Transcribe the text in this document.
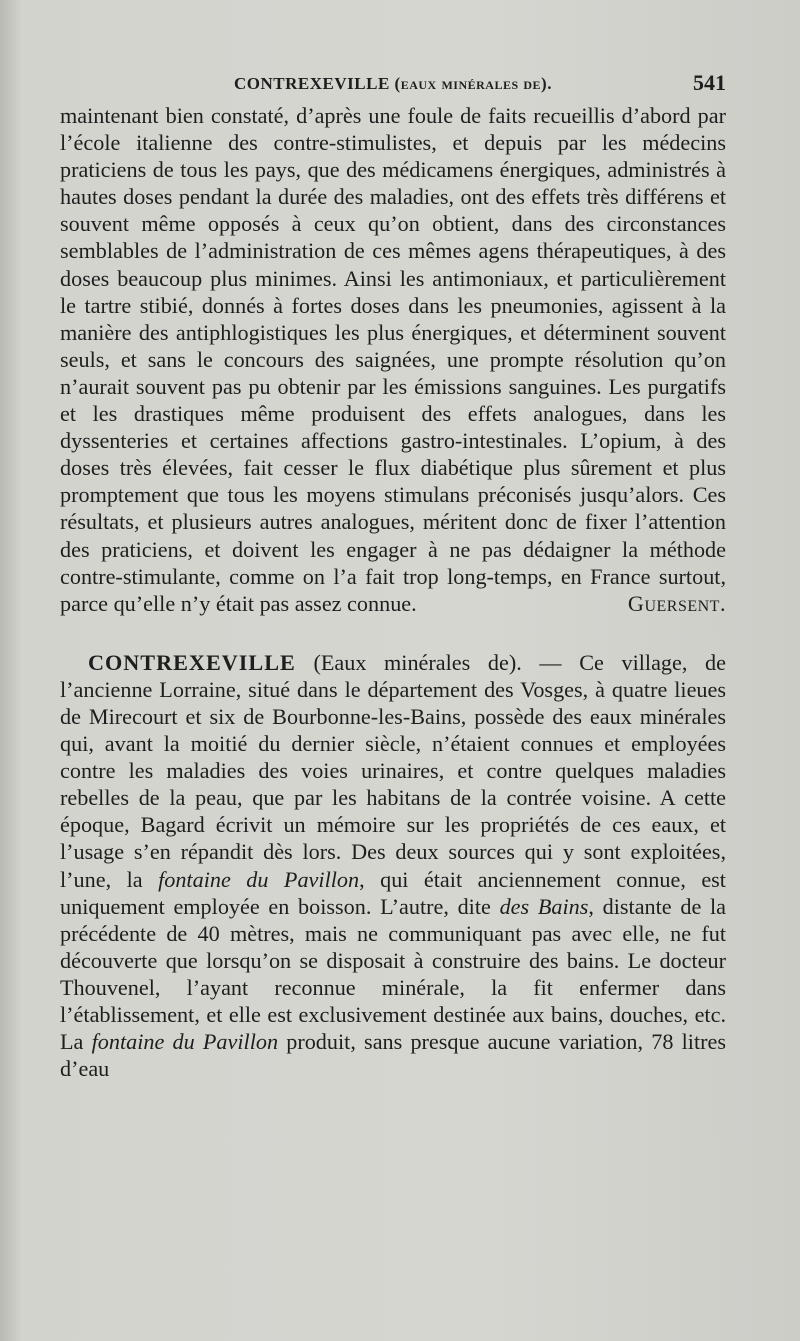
CONTREXEVILLE (eaux minérales de).	541

maintenant bien constaté, d’après une foule de faits recueillis d’abord par l’école italienne des contre-stimulistes, et depuis par les médecins praticiens de tous les pays, que des médicamens énergiques, administrés à hautes doses pendant la durée des maladies, ont des effets très différens et souvent même opposés à ceux qu’on obtient, dans des circonstances semblables de l’administration de ces mêmes agens thérapeutiques, à des doses beaucoup plus minimes. Ainsi les antimoniaux, et particulièrement le tartre stibié, donnés à fortes doses dans les pneumonies, agissent à la manière des antiphlogistiques les plus énergiques, et déterminent souvent seuls, et sans le concours des saignées, une prompte résolution qu’on n’aurait souvent pas pu obtenir par les émissions sanguines. Les purgatifs et les drastiques même produisent des effets analogues, dans les dyssenteries et certaines affections gastro-intestinales. L’opium, à des doses très élevées, fait cesser le flux diabétique plus sûrement et plus promptement que tous les moyens stimulans préconisés jusqu’alors. Ces résultats, et plusieurs autres analogues, méritent donc de fixer l’attention des praticiens, et doivent les engager à ne pas dédaigner la méthode contre-stimulante, comme on l’a fait trop long-temps, en France surtout, parce qu’elle n’y était pas assez connue.	Guersent.

CONTREXEVILLE (Eaux minérales de). — Ce village, de l’ancienne Lorraine, situé dans le département des Vosges, à quatre lieues de Mirecourt et six de Bourbonne-les-Bains, possède des eaux minérales qui, avant la moitié du dernier siècle, n’étaient connues et employées contre les maladies des voies urinaires, et contre quelques maladies rebelles de la peau, que par les habitans de la contrée voisine. A cette époque, Bagard écrivit un mémoire sur les propriétés de ces eaux, et l’usage s’en répandit dès lors. Des deux sources qui y sont exploitées, l’une, la fontaine du Pavillon, qui était anciennement connue, est uniquement employée en boisson. L’autre, dite des Bains, distante de la précédente de 40 mètres, mais ne communiquant pas avec elle, ne fut découverte que lorsqu’on se disposait à construire des bains. Le docteur Thouvenel, l’ayant reconnue minérale, la fit enfermer dans l’établissement, et elle est exclusivement destinée aux bains, douches, etc. La fontaine du Pavillon produit, sans presque aucune variation, 78 litres d’eau
